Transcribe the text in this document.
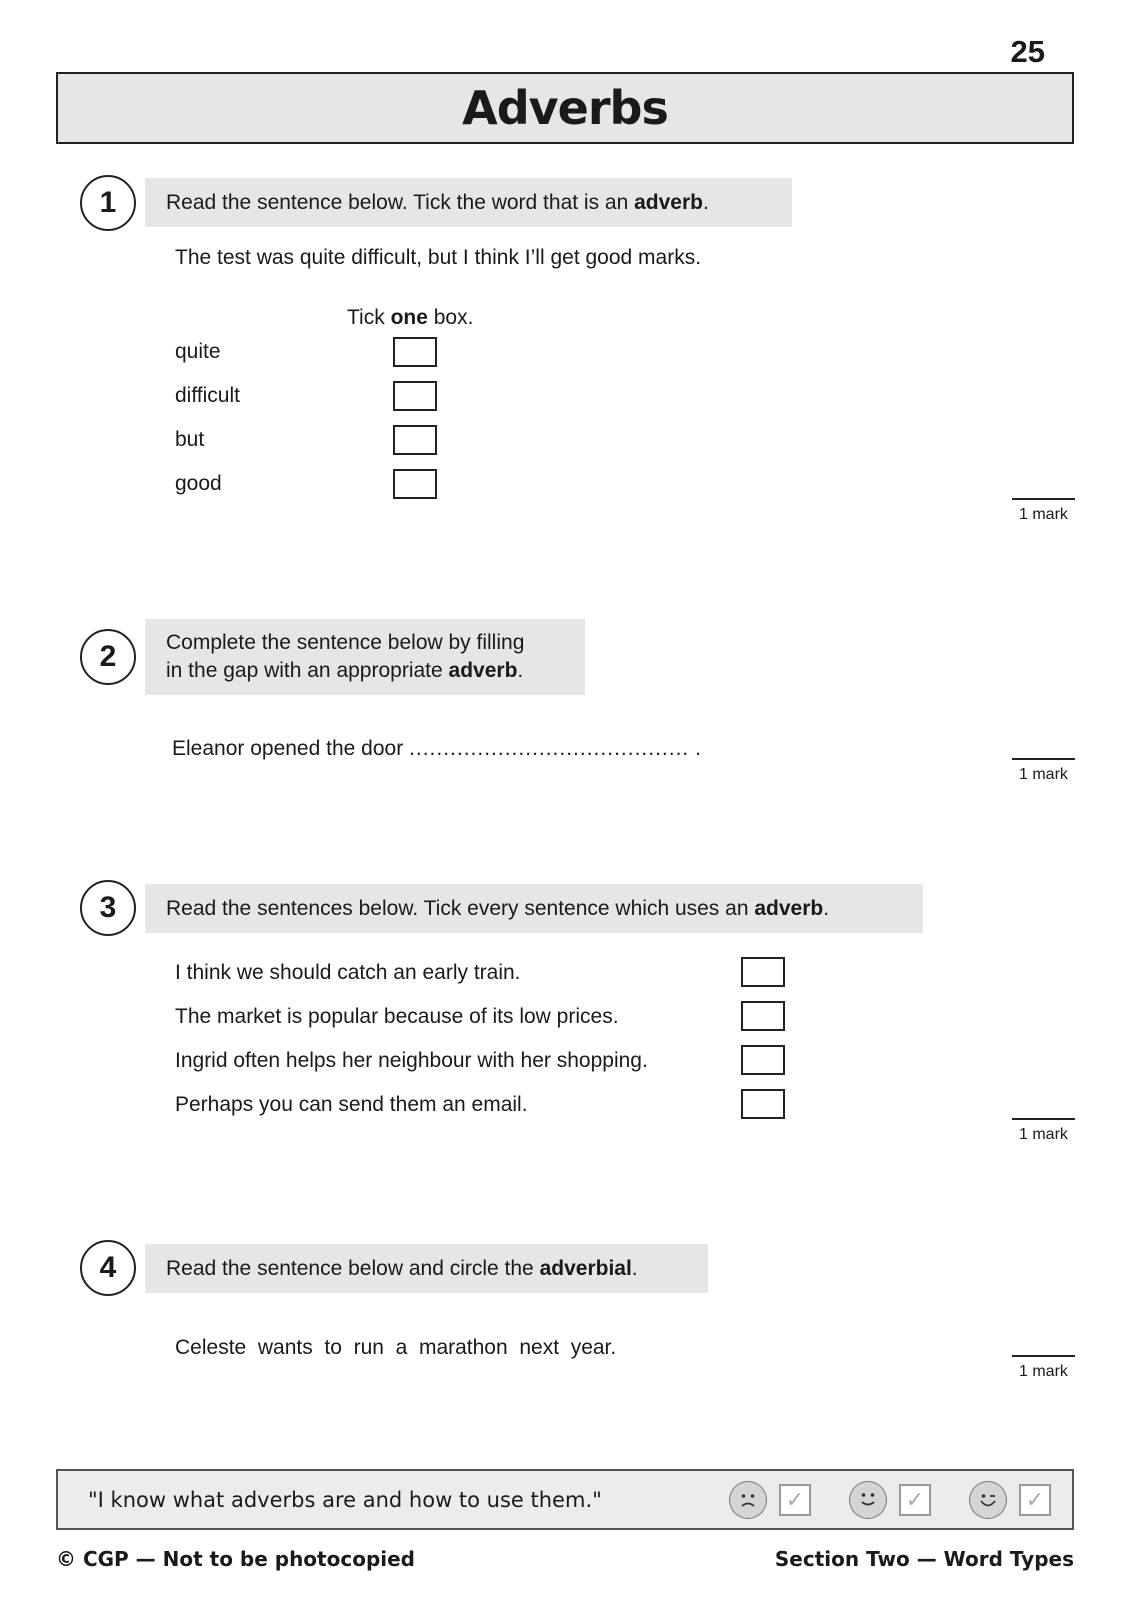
25
Adverbs
1	Read the sentence below. Tick the word that is an adverb.
The test was quite difficult, but I think I’ll get good marks.
Tick one box.
quite
difficult
but
good
1 mark
2	Complete the sentence below by filling
in the gap with an appropriate adverb.
Eleanor opened the door ......................................... .
1 mark
3	Read the sentences below. Tick every sentence which uses an adverb.
I think we should catch an early train.
The market is popular because of its low prices.
Ingrid often helps her neighbour with her shopping.
Perhaps you can send them an email.
1 mark
4	Read the sentence below and circle the adverbial.
Celeste  wants  to  run  a  marathon  next  year.
1 mark
"I know what adverbs are and how to use them."	✓	✓	✓
© CGP — Not to be photocopied	Section Two — Word Types
